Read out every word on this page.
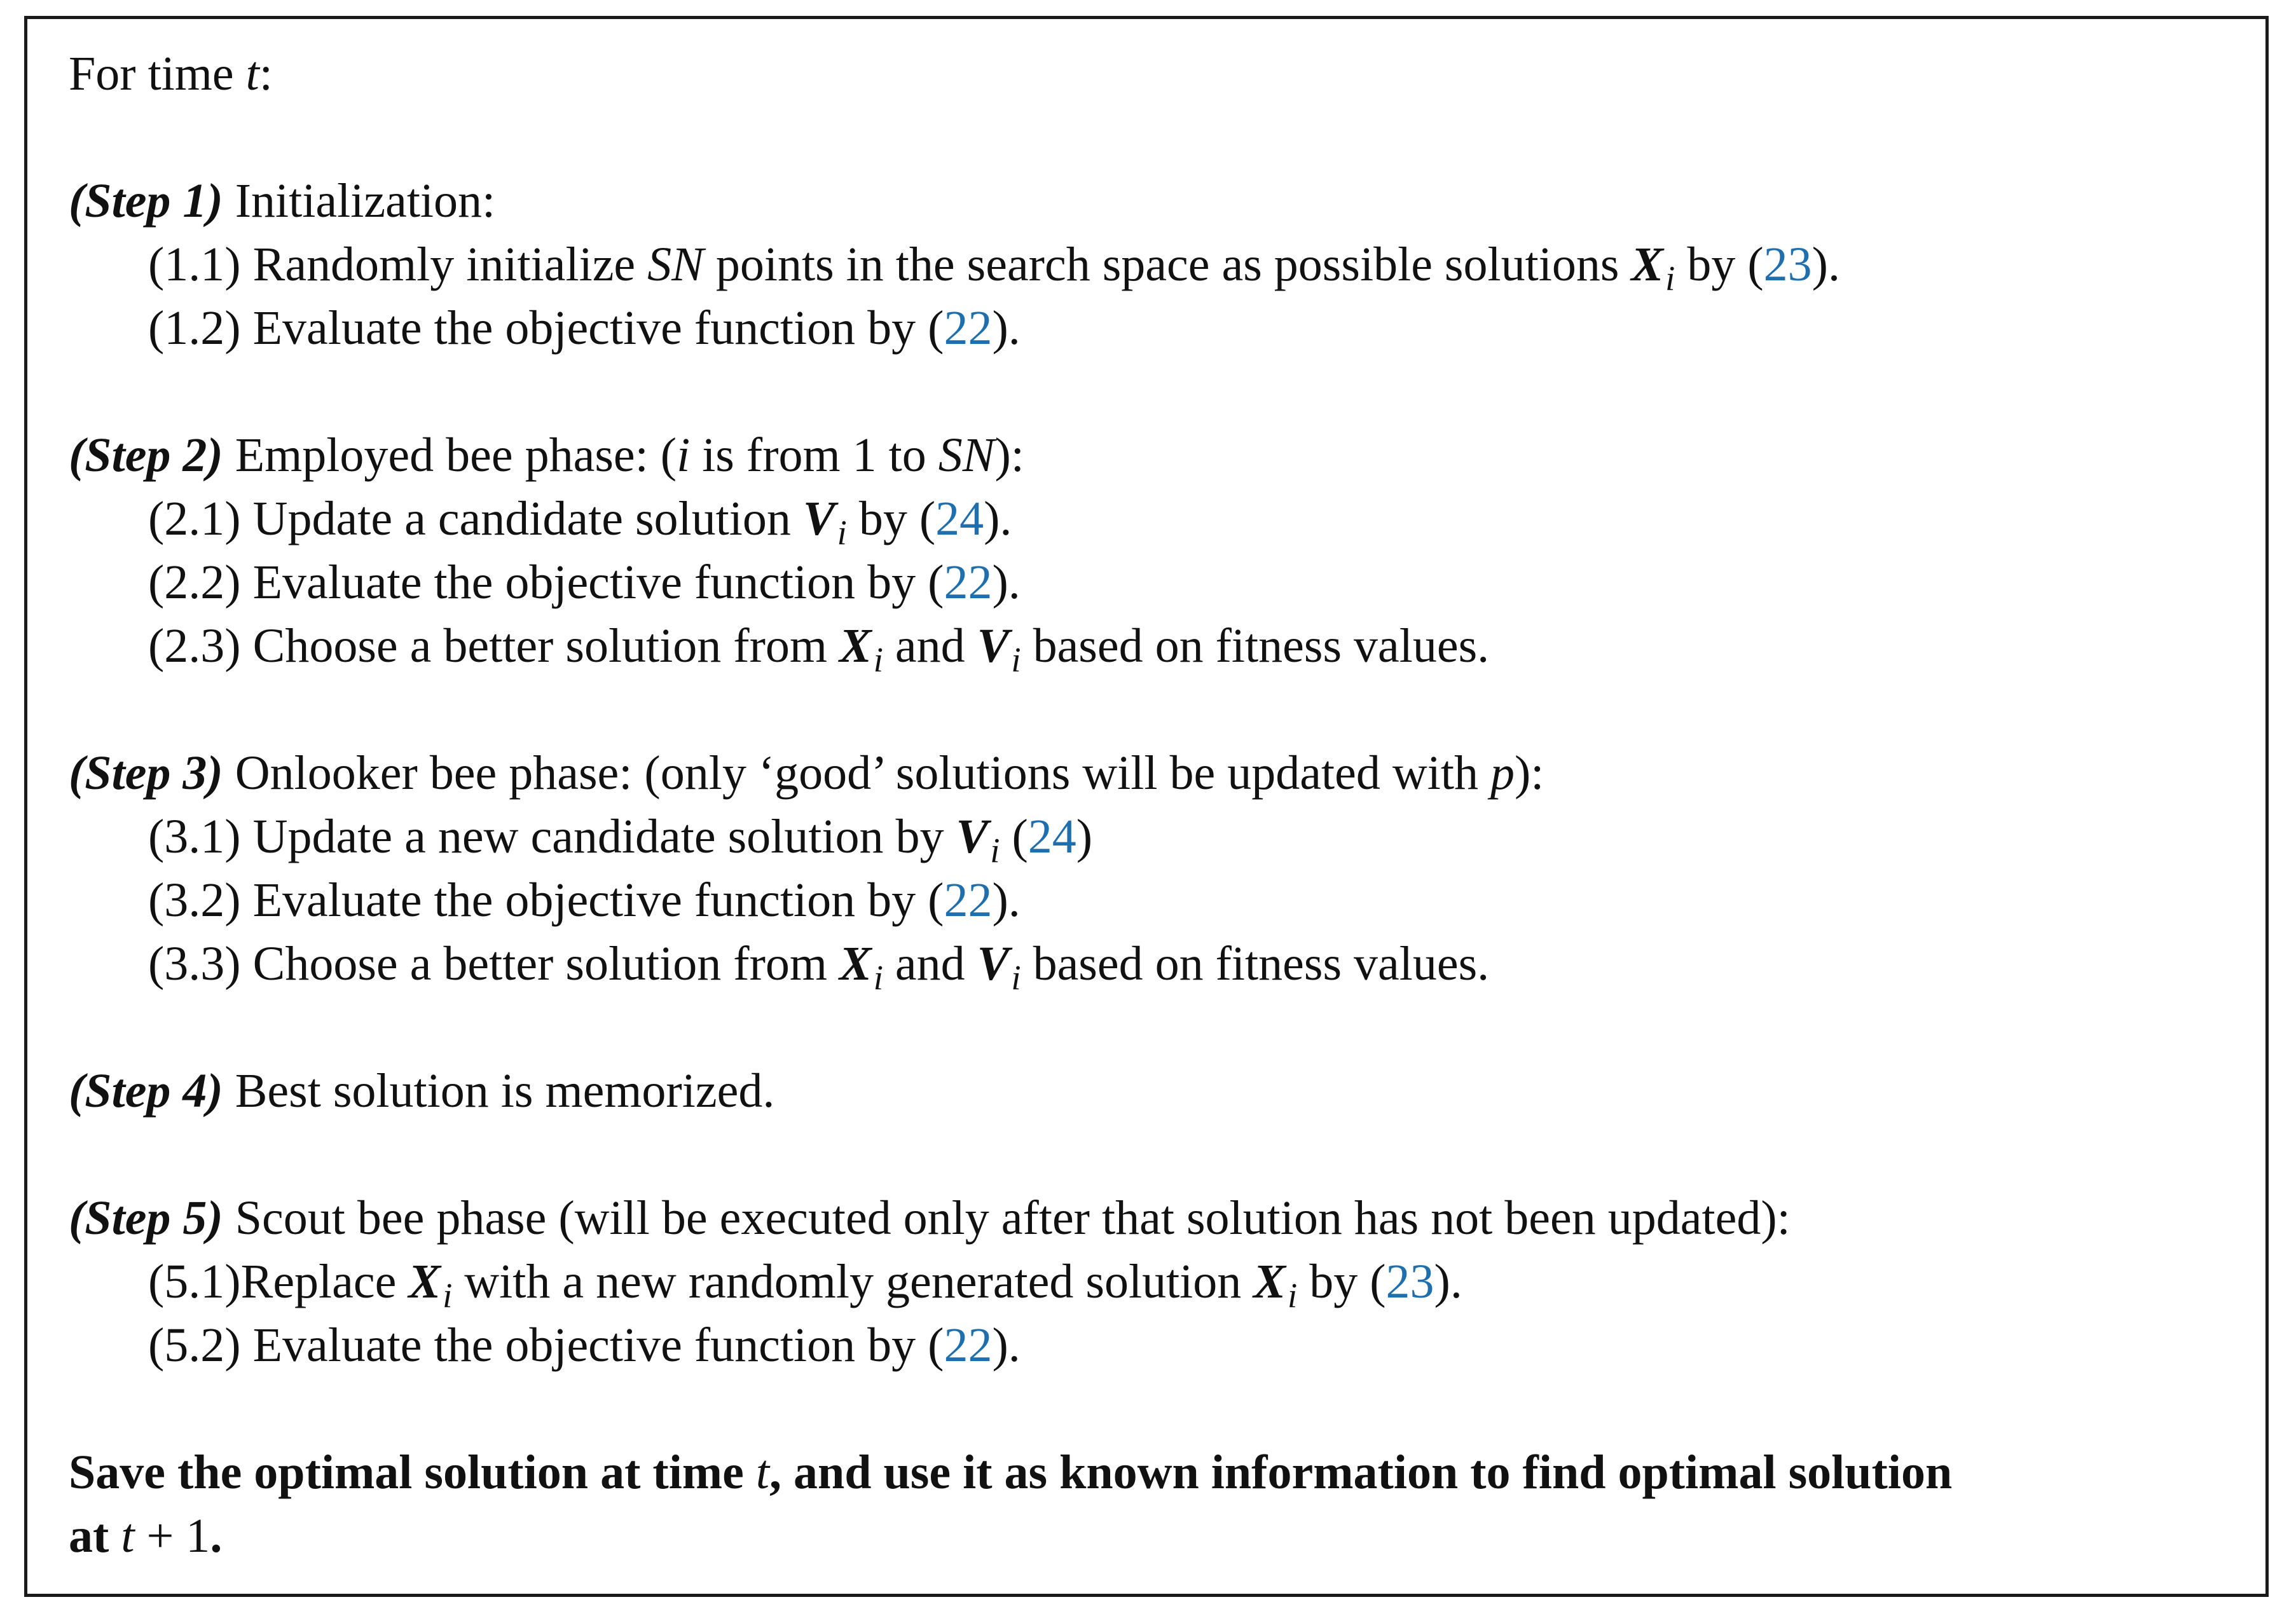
For time t:
(Step 1) Initialization:
(1.1) Randomly initialize SN points in the search space as possible solutions $X_i$ by (23).
(1.2) Evaluate the objective function by (22).
(Step 2) Employed bee phase: (i is from 1 to SN):
(2.1) Update a candidate solution $V_i$ by (24).
(2.2) Evaluate the objective function by (22).
(2.3) Choose a better solution from $X_i$ and $V_i$ based on fitness values.
(Step 3) Onlooker bee phase: (only ‘good’ solutions will be updated with p):
(3.1) Update a new candidate solution by $V_i$ (24)
(3.2) Evaluate the objective function by (22).
(3.3) Choose a better solution from $X_i$ and $V_i$ based on fitness values.
(Step 4) Best solution is memorized.
(Step 5) Scout bee phase (will be executed only after that solution has not been updated):
(5.1)Replace $X_i$ with a new randomly generated solution $X_i$ by (23).
(5.2) Evaluate the objective function by (22).
Save the optimal solution at time t, and use it as known information to find optimal solution
at t + 1.
